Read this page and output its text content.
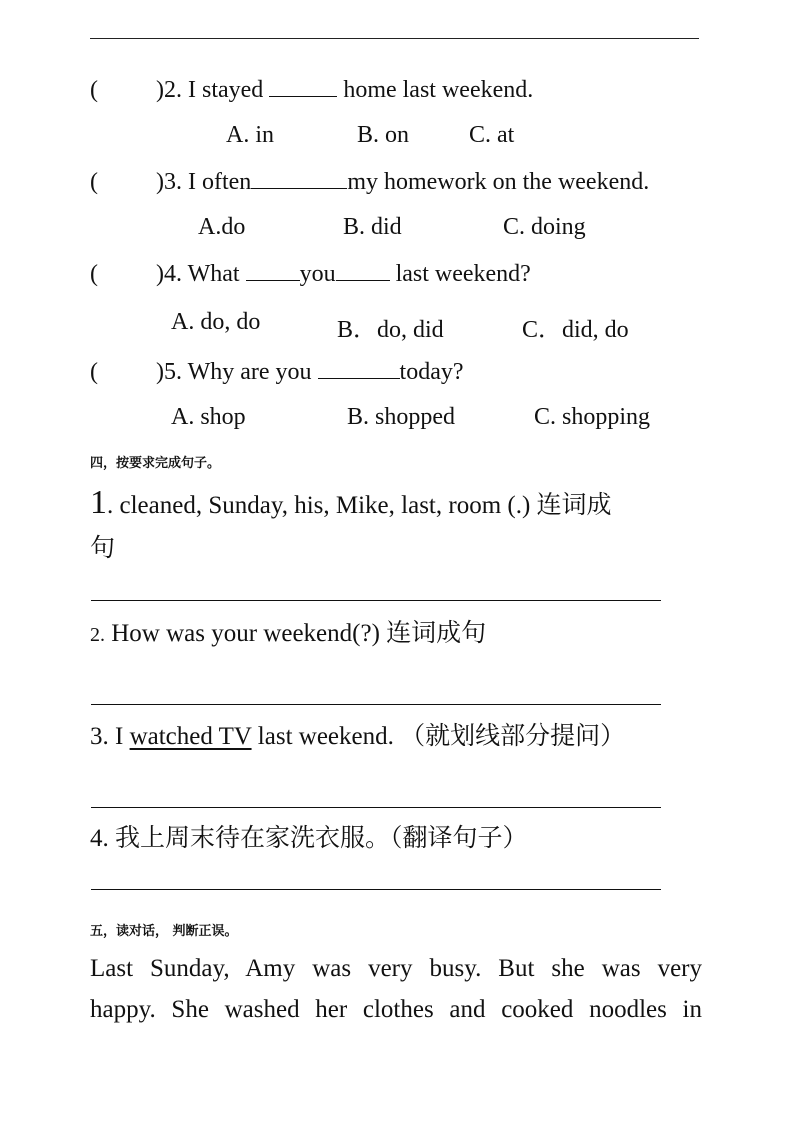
( )2. I stayed	home last weekend.
A. in	B. on C. at
( )3. I often	my homework on the weekend.
A.do	B. did	C. doing
( )4. What you last weekend?
A. do, do	B．do, did	C．did, do
( )5. Why are you	today?
A. shop	B. shopped	C. shopping
四，按要求完成句子。
1. cleaned, Sunday, his, Mike, last, room (.) 连词成
句
2. How was your weekend(?) 连词成句
3. I watched TV last weekend. （就划线部分提问）
4. 我上周末待在家洗衣服。（翻译句子）
五，读对话， 判断正误。
Last Sunday, Amy was very busy. But she was very
happy. She washed her clothes and cooked noodles in
